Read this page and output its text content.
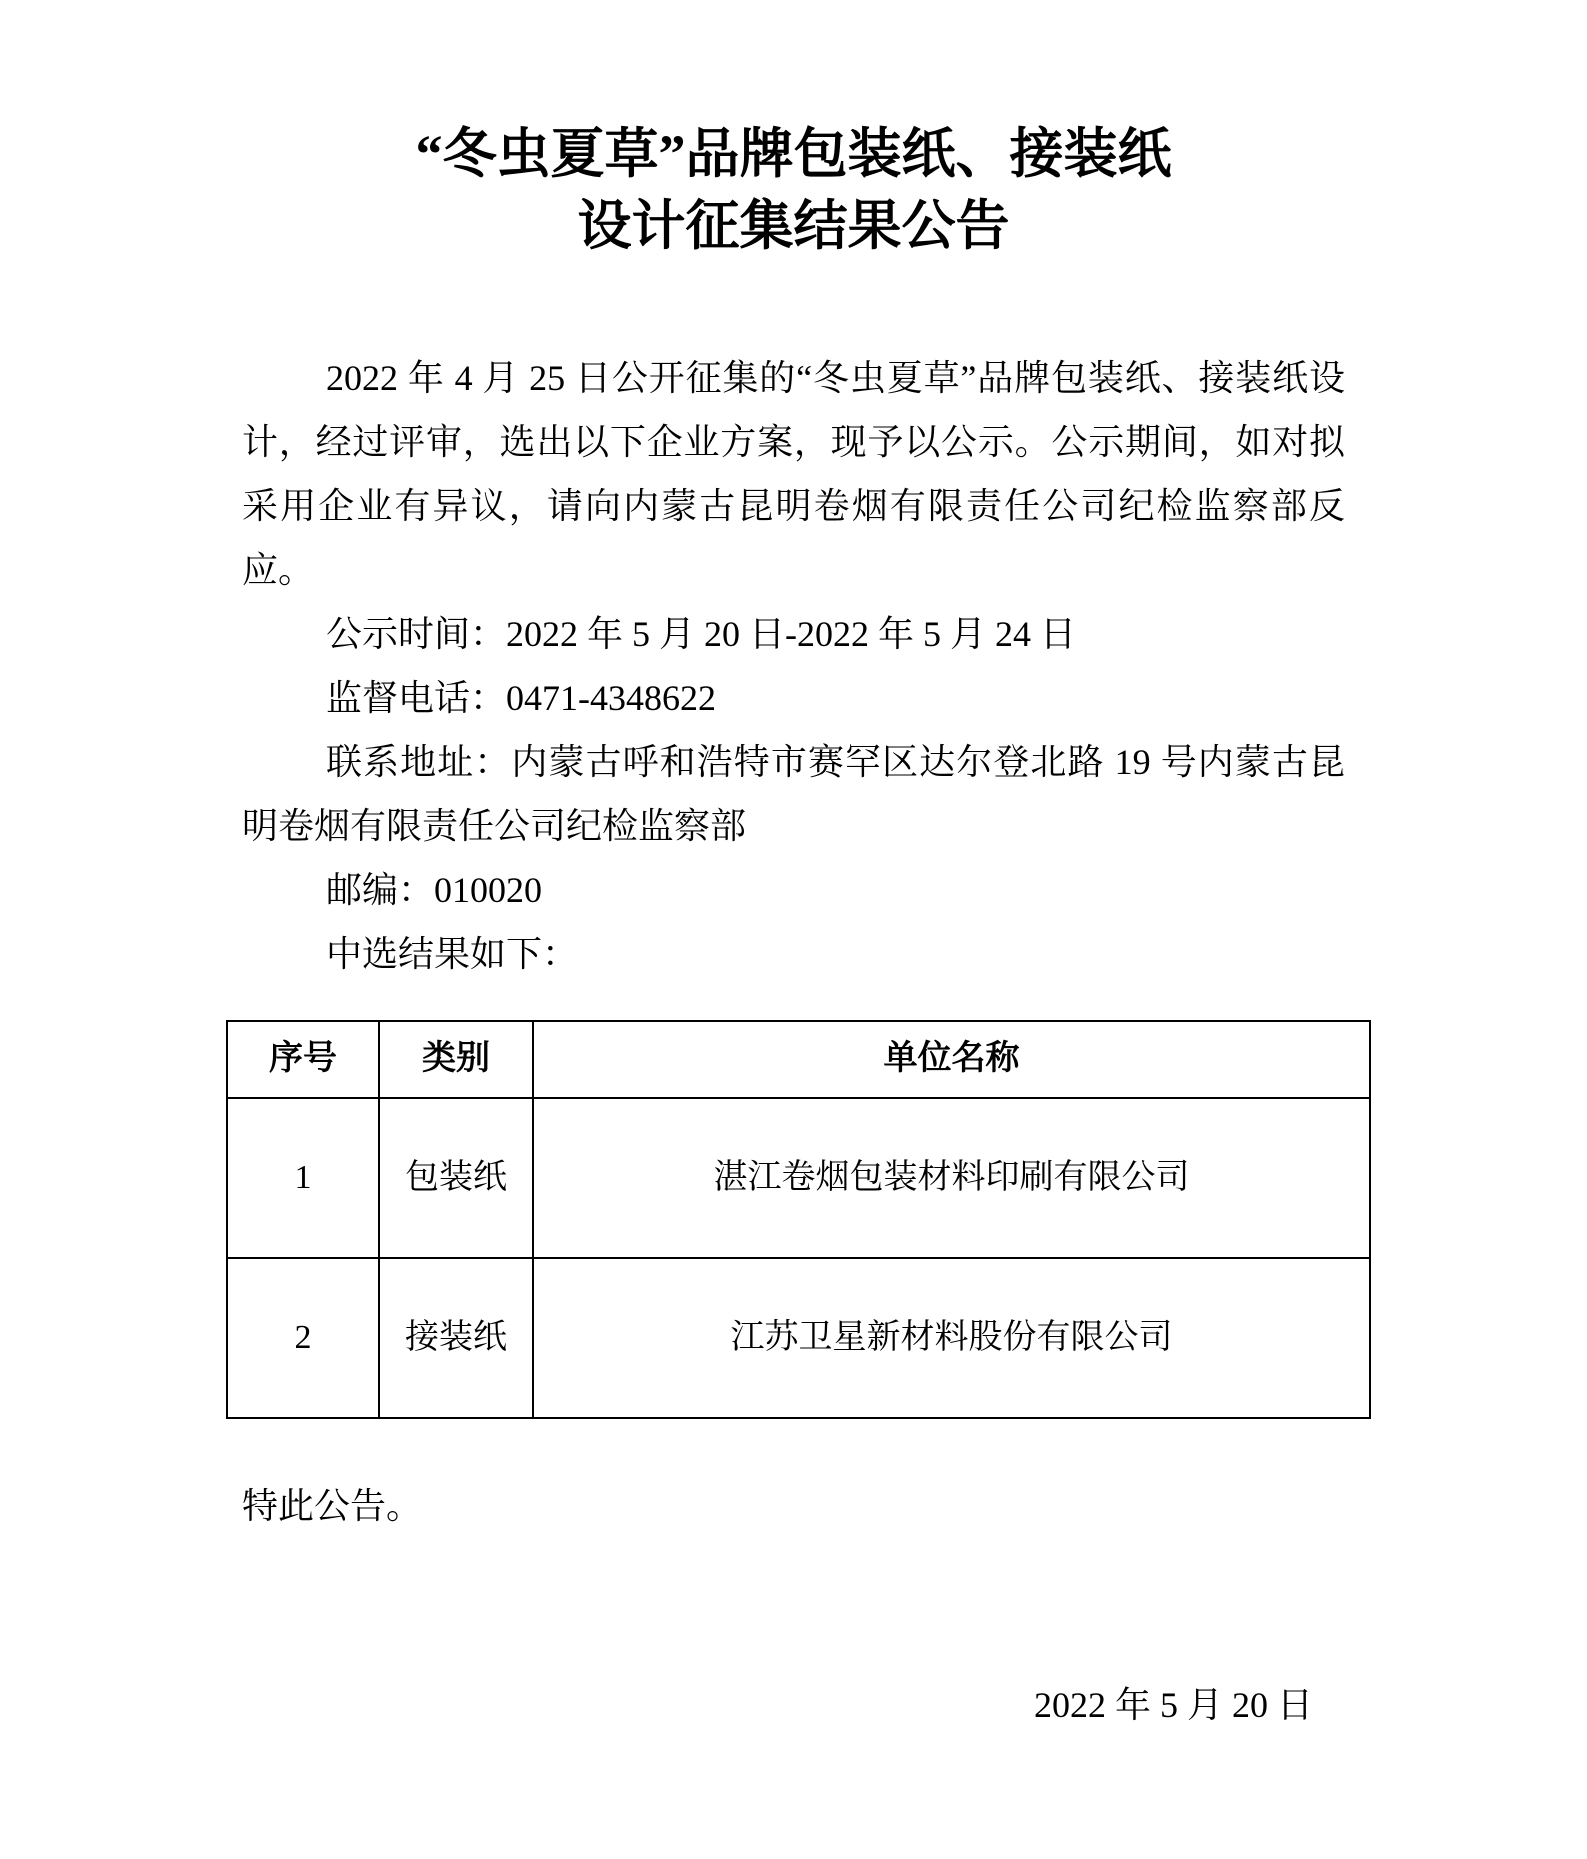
“冬虫夏草”品牌包装纸、接装纸
设计征集结果公告

2022 年 4 月 25 日公开征集的“冬虫夏草”品牌包装纸、接装纸设计，经过评审，选出以下企业方案，现予以公示。公示期间，如对拟采用企业有异议，请向内蒙古昆明卷烟有限责任公司纪检监察部反应。

公示时间：2022 年 5 月 20 日-2022 年 5 月 24 日

监督电话：0471-4348622

联系地址：内蒙古呼和浩特市赛罕区达尔登北路 19 号内蒙古昆明卷烟有限责任公司纪检监察部

邮编：010020

中选结果如下：

序号	类别	单位名称
1	包装纸	湛江卷烟包装材料印刷有限公司
2	接装纸	江苏卫星新材料股份有限公司

特此公告。

2022 年 5 月 20 日
